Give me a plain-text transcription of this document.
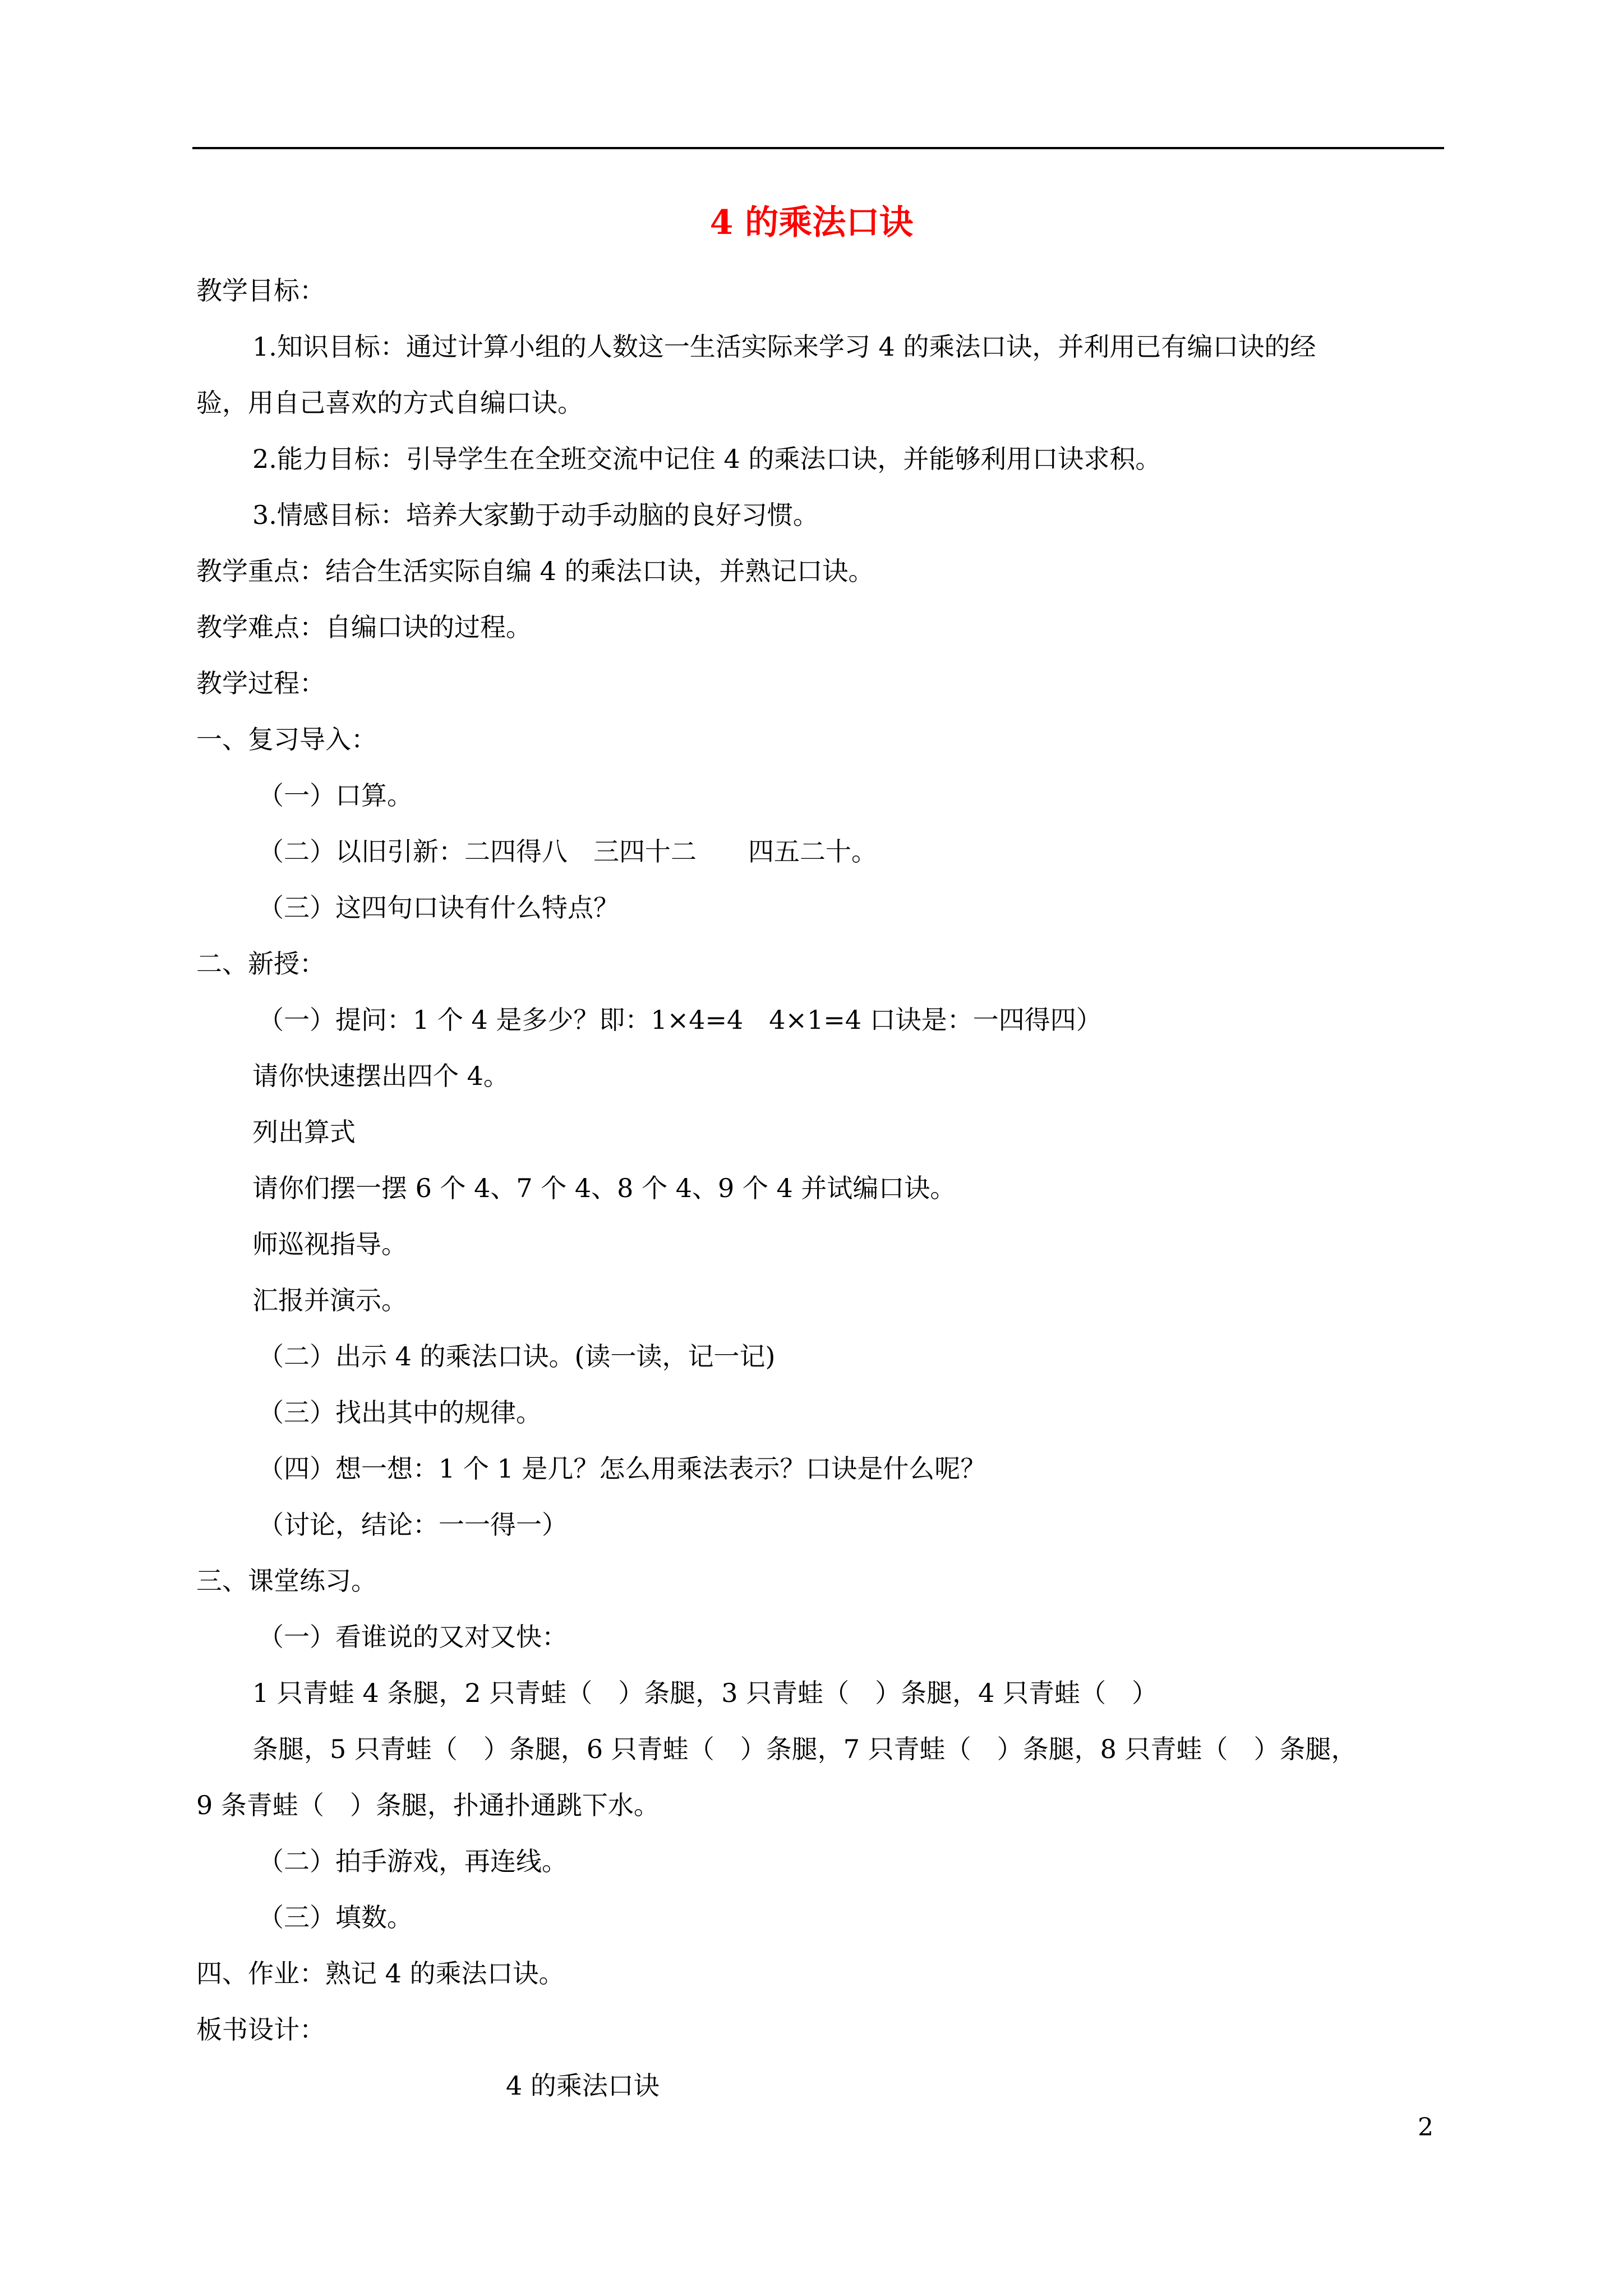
4 的乘法口诀
教学目标：
1.知识目标：通过计算小组的人数这一生活实际来学习 4 的乘法口诀，并利用已有编口诀的经
验，用自己喜欢的方式自编口诀。
2.能力目标：引导学生在全班交流中记住 4 的乘法口诀，并能够利用口诀求积。
3.情感目标：培养大家勤于动手动脑的良好习惯。
教学重点：结合生活实际自编 4 的乘法口诀，并熟记口诀。
教学难点：自编口诀的过程。
教学过程：
一、复习导入：
（一）口算。
（二）以旧引新：二四得八　三四十二　　四五二十。
（三）这四句口诀有什么特点？
二、新授：
（一）提问：1 个 4 是多少？即：1×4=4　4×1=4 口诀是：一四得四）
请你快速摆出四个 4。
列出算式
请你们摆一摆 6 个 4、7 个 4、8 个 4、9 个 4 并试编口诀。
师巡视指导。
汇报并演示。
（二）出示 4 的乘法口诀。(读一读，记一记)
（三）找出其中的规律。
（四）想一想：1 个 1 是几？怎么用乘法表示？口诀是什么呢？
（讨论，结论：一一得一）
三、课堂练习。
（一）看谁说的又对又快：
1 只青蛙 4 条腿，2 只青蛙（　）条腿，3 只青蛙（　）条腿，4 只青蛙（　）
条腿，5 只青蛙（　）条腿，6 只青蛙（　）条腿，7 只青蛙（　）条腿，8 只青蛙（　）条腿，
9 条青蛙（　）条腿，扑通扑通跳下水。
（二）拍手游戏，再连线。
（三）填数。
四、作业：熟记 4 的乘法口诀。
板书设计：
4 的乘法口诀
2
